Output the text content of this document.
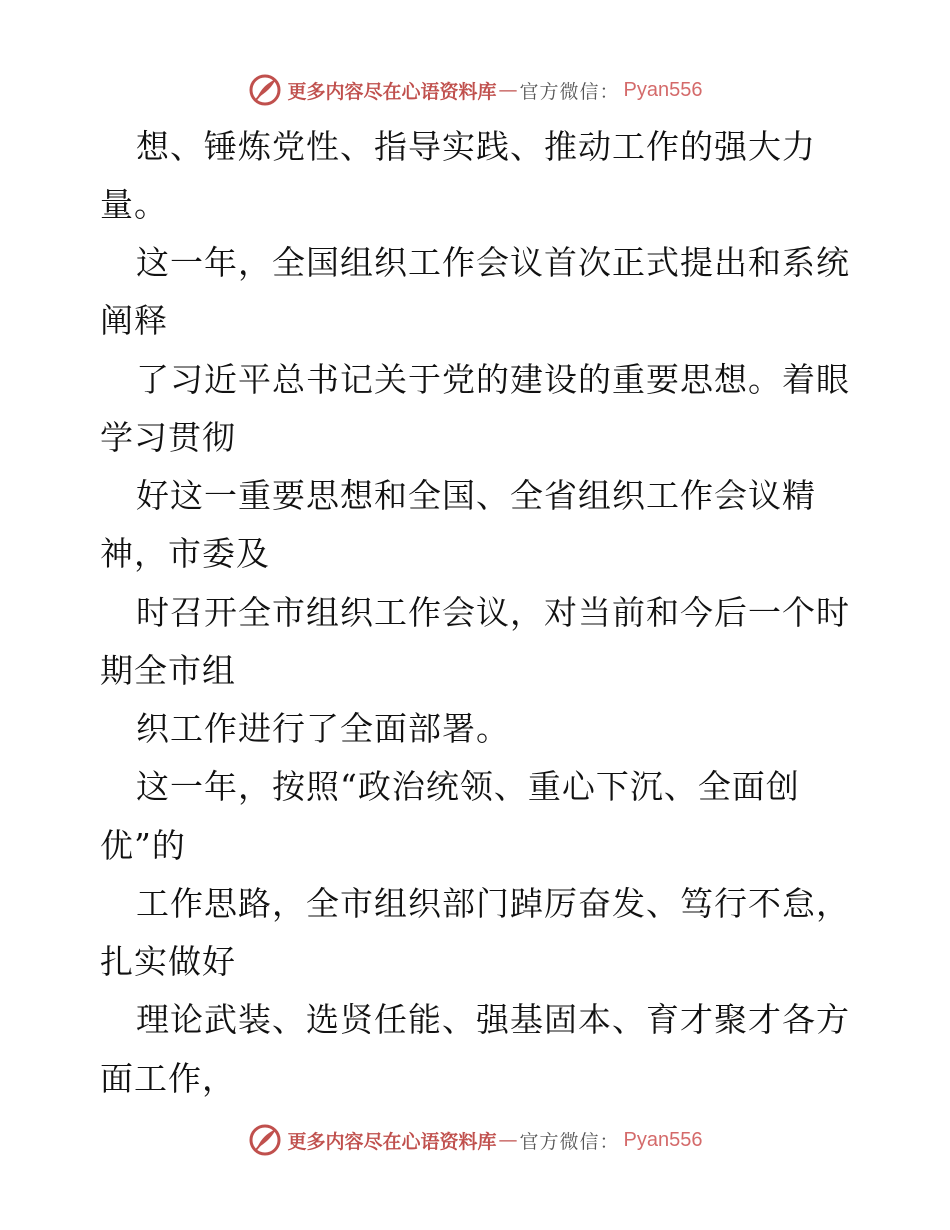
更多内容尽在心语资料库 — 官方微信： Pyan556
想、锤炼党性、指导实践、推动工作的强大力
量。
这一年，全国组织工作会议首次正式提出和系统
阐释
了习近平总书记关于党的建设的重要思想。着眼
学习贯彻
好这一重要思想和全国、全省组织工作会议精
神，市委及
时召开全市组织工作会议，对当前和今后一个时
期全市组
织工作进行了全面部署。
这一年，按照“政治统领、重心下沉、全面创
优”的
工作思路，全市组织部门踔厉奋发、笃行不怠，
扎实做好
理论武装、选贤任能、强基固本、育才聚才各方
面工作，
更多内容尽在心语资料库 — 官方微信： Pyan556
